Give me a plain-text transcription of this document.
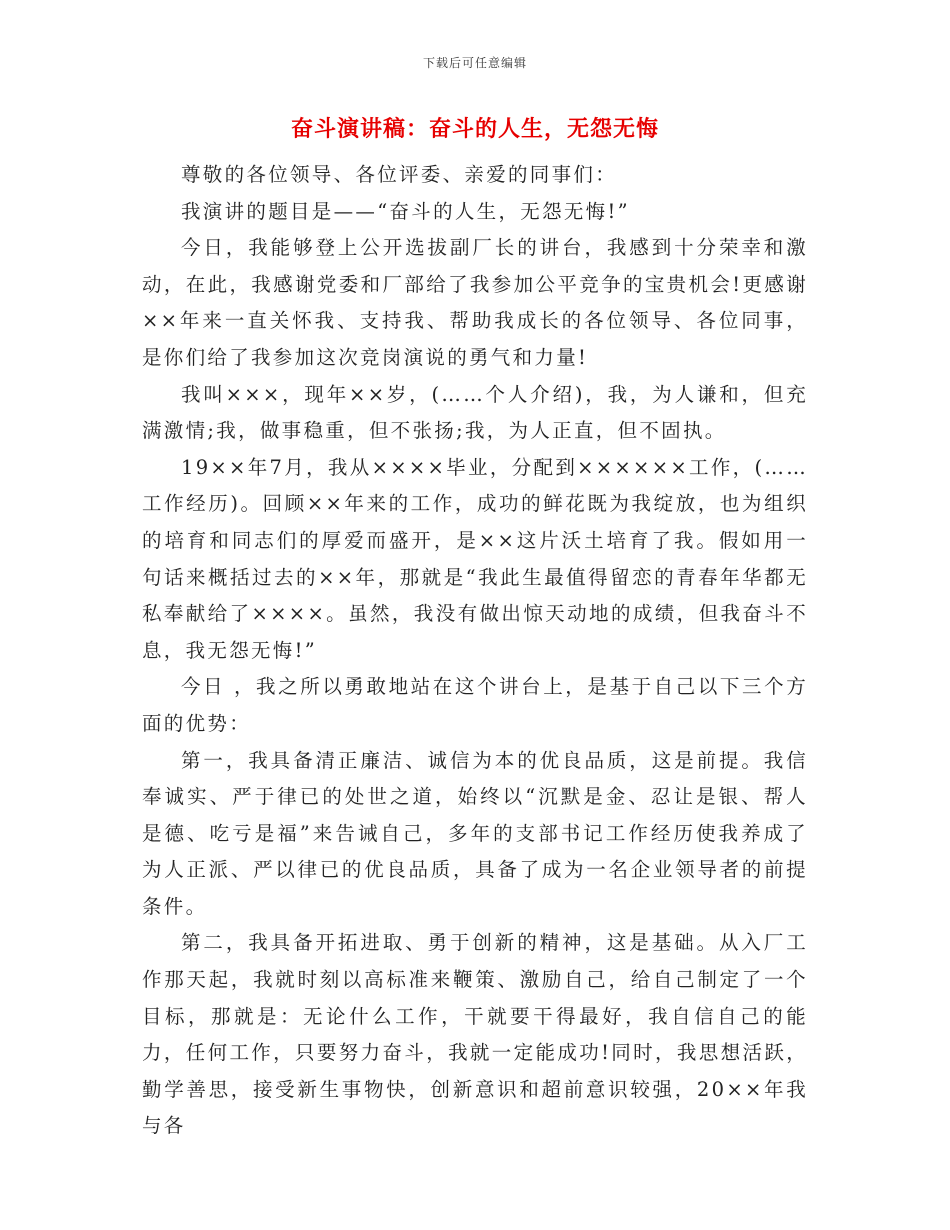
下载后可任意编辑
奋斗演讲稿：奋斗的人生，无怨无悔

尊敬的各位领导、各位评委、亲爱的同事们：

我演讲的题目是——“奋斗的人生，无怨无悔!”

今日，我能够登上公开选拔副厂长的讲台，我感到十分荣幸和激动，在此，我感谢党委和厂部给了我参加公平竞争的宝贵机会!更感谢××年来一直关怀我、支持我、帮助我成长的各位领导、各位同事，是你们给了我参加这次竞岗演说的勇气和力量!

我叫×××，现年××岁，(……个人介绍)，我，为人谦和，但充满激情;我，做事稳重，但不张扬;我，为人正直，但不固执。

19××年7月，我从××××毕业，分配到××××××工作，(……工作经历)。回顾××年来的工作，成功的鲜花既为我绽放，也为组织的培育和同志们的厚爱而盛开，是××这片沃土培育了我。假如用一句话来概括过去的××年，那就是“我此生最值得留恋的青春年华都无私奉献给了××××。虽然，我没有做出惊天动地的成绩，但我奋斗不息，我无怨无悔!”

今日 ，我之所以勇敢地站在这个讲台上，是基于自己以下三个方面的优势：

第一，我具备清正廉洁、诚信为本的优良品质，这是前提。我信奉诚实、严于律已的处世之道，始终以“沉默是金、忍让是银、帮人是德、吃亏是福”来告诫自己，多年的支部书记工作经历使我养成了为人正派、严以律已的优良品质，具备了成为一名企业领导者的前提条件。

第二，我具备开拓进取、勇于创新的精神，这是基础。从入厂工作那天起，我就时刻以高标准来鞭策、激励自己，给自己制定了一个目标，那就是：无论什么工作，干就要干得最好，我自信自己的能力，任何工作，只要努力奋斗，我就一定能成功!同时，我思想活跃，勤学善思，接受新生事物快，创新意识和超前意识较强，20××年我与各
